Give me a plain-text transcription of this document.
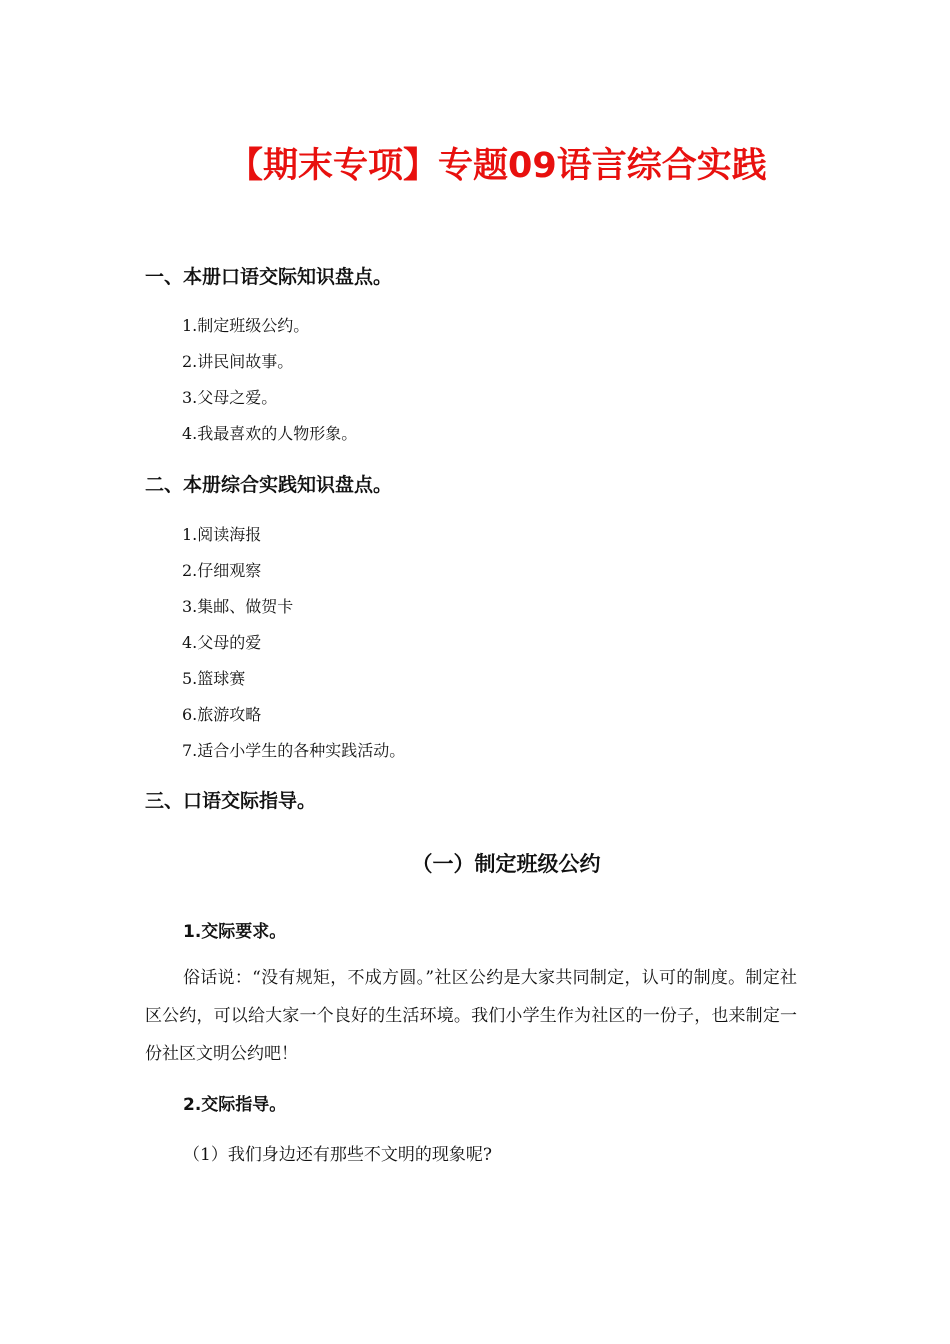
【期末专项】专题09语言综合实践
一、本册口语交际知识盘点。
1.制定班级公约。
2.讲民间故事。
3.父母之爱。
4.我最喜欢的人物形象。
二、本册综合实践知识盘点。
1.阅读海报
2.仔细观察
3.集邮、做贺卡
4.父母的爱
5.篮球赛
6.旅游攻略
7.适合小学生的各种实践活动。
三、口语交际指导。
（一）制定班级公约
1.交际要求。

俗话说：“没有规矩，不成方圆。”社区公约是大家共同制定，认可的制度。制定社区公约，可以给大家一个良好的生活环境。我们小学生作为社区的一份子，也来制定一份社区文明公约吧！

2.交际指导。
（1）我们身边还有那些不文明的现象呢?
